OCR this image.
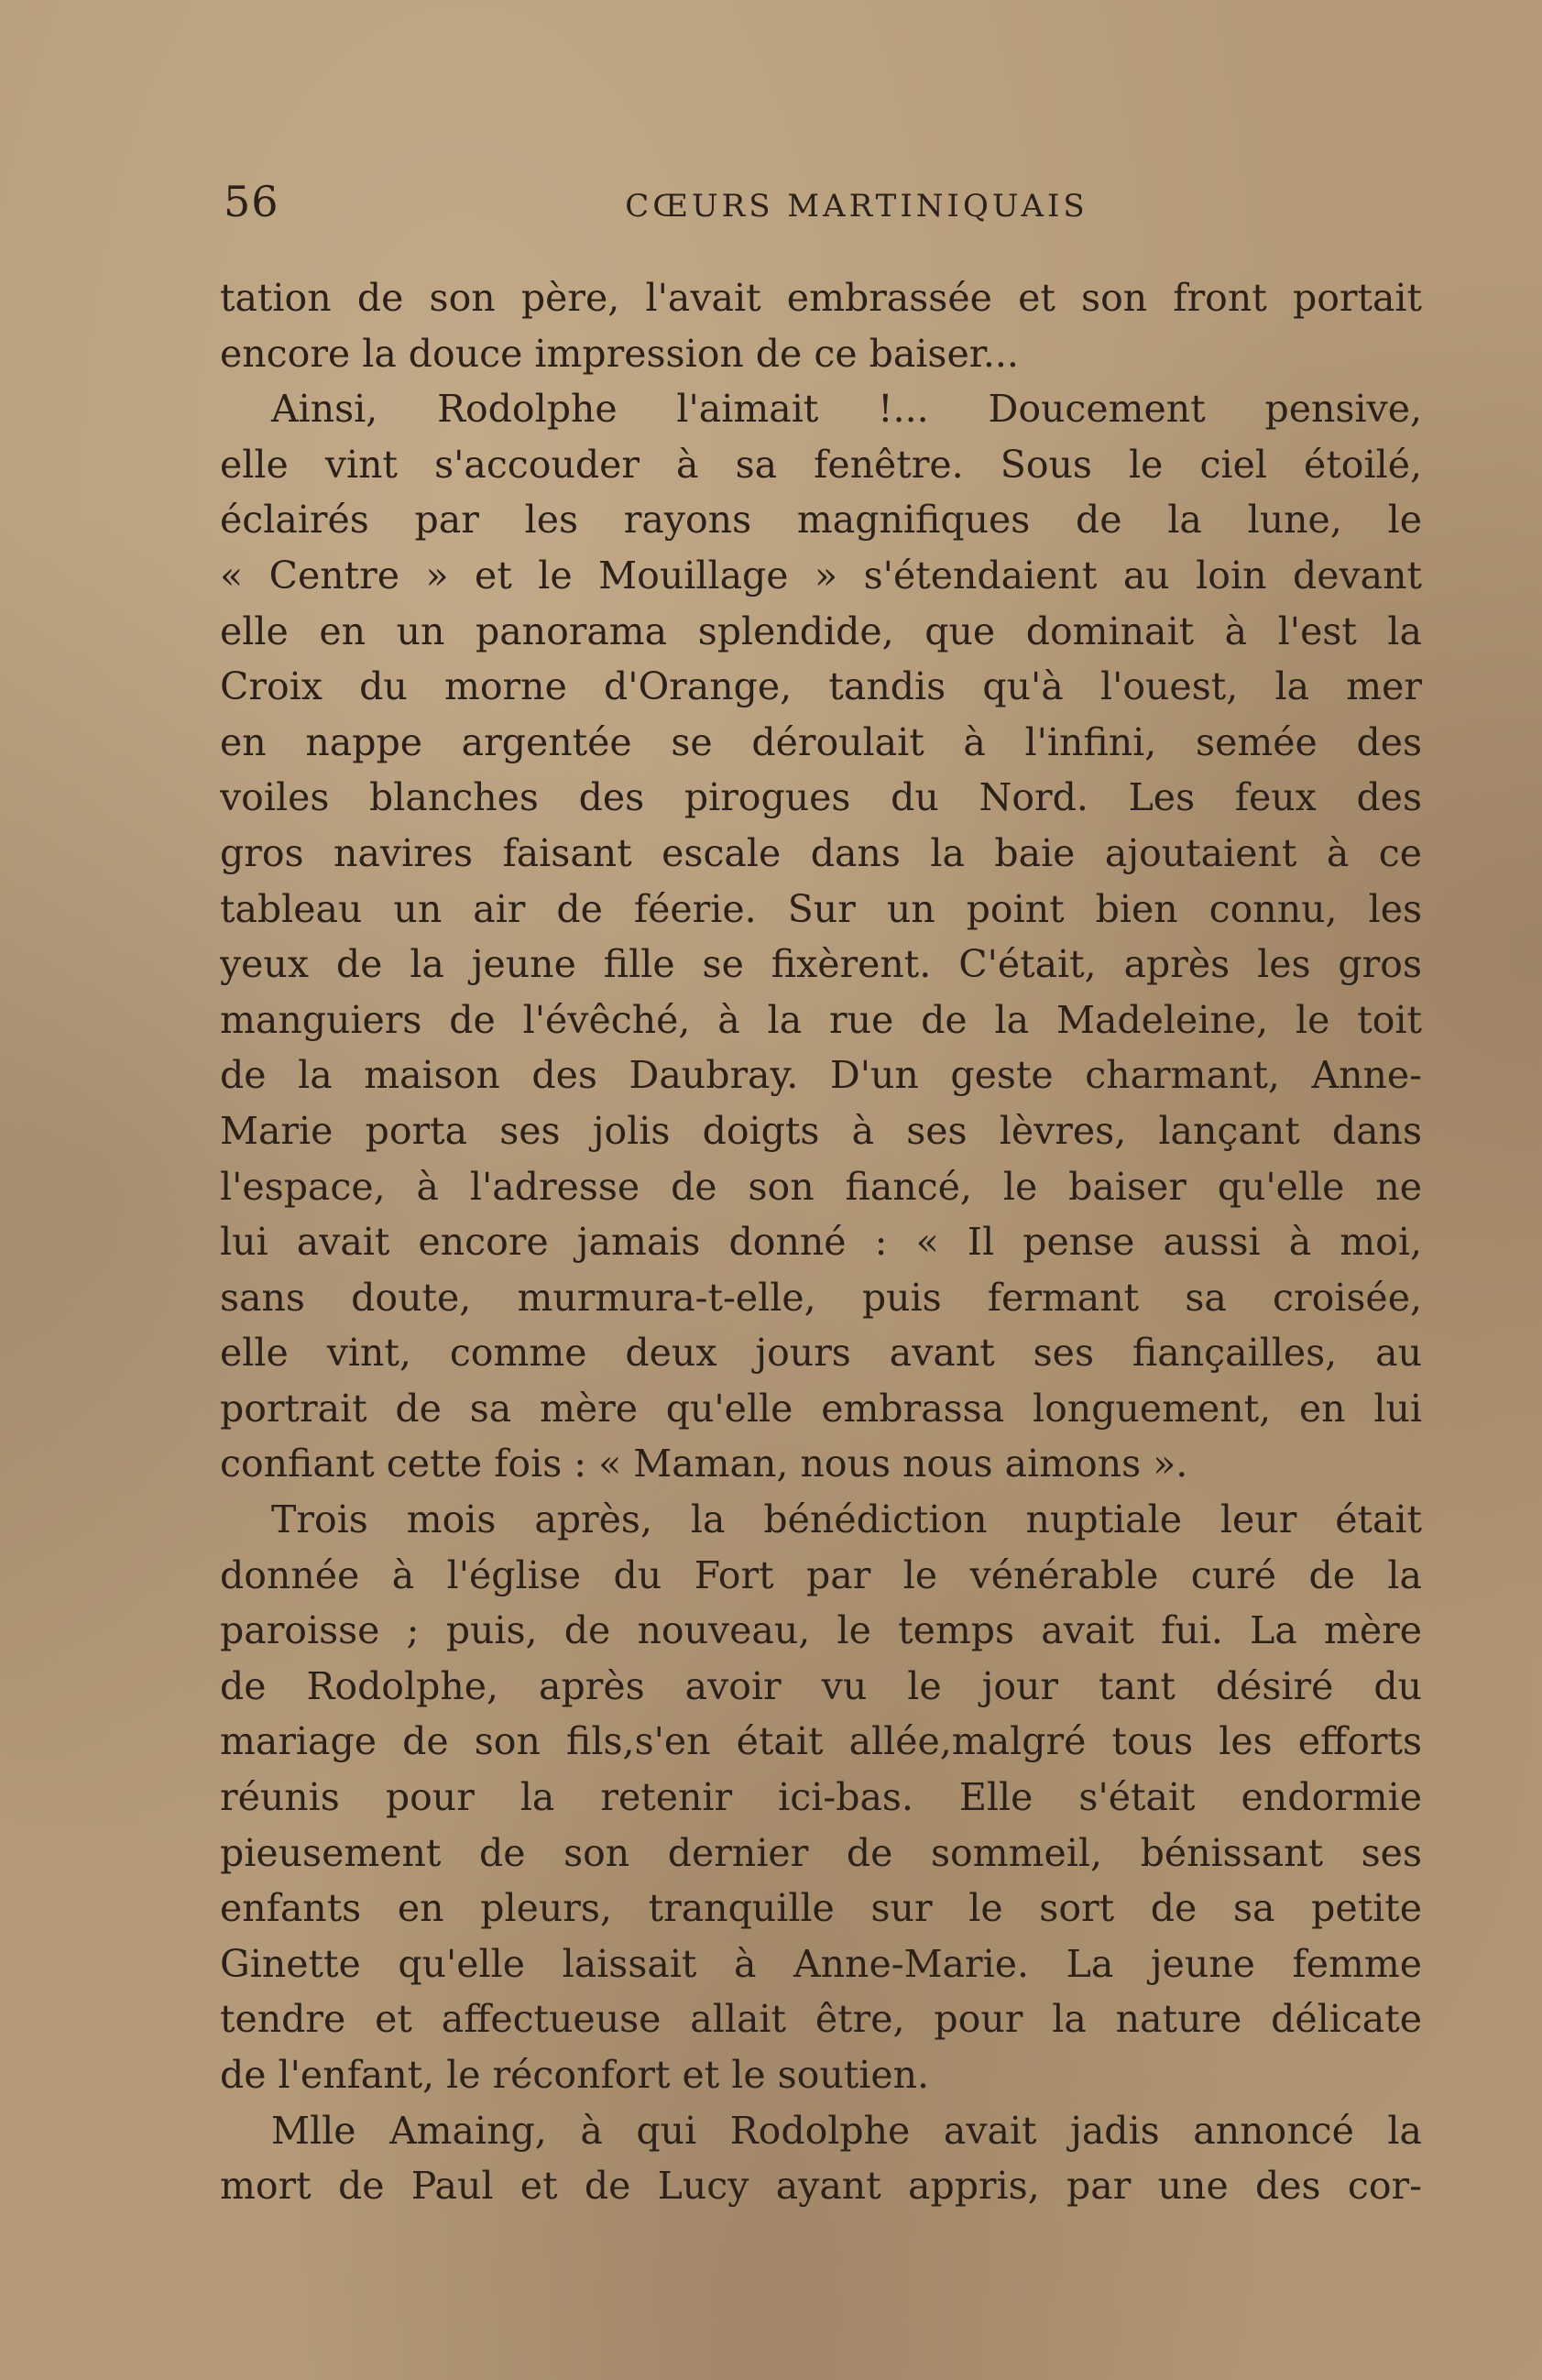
56	CŒURS MARTINIQUAIS
tation de son père, l'avait embrassée et son front portait
encore la douce impression de ce baiser...
Ainsi, Rodolphe l'aimait !... Doucement pensive,
elle vint s'accouder à sa fenêtre. Sous le ciel étoilé,
éclairés par les rayons magnifiques de la lune, le
« Centre » et le Mouillage » s'étendaient au loin devant
elle en un panorama splendide, que dominait à l'est la
Croix du morne d'Orange, tandis qu'à l'ouest, la mer
en nappe argentée se déroulait à l'infini, semée des
voiles blanches des pirogues du Nord. Les feux des
gros navires faisant escale dans la baie ajoutaient à ce
tableau un air de féerie. Sur un point bien connu, les
yeux de la jeune fille se fixèrent. C'était, après les gros
manguiers de l'évêché, à la rue de la Madeleine, le toit
de la maison des Daubray. D'un geste charmant, Anne-
Marie porta ses jolis doigts à ses lèvres, lançant dans
l'espace, à l'adresse de son fiancé, le baiser qu'elle ne
lui avait encore jamais donné : « Il pense aussi à moi,
sans doute, murmura-t-elle, puis fermant sa croisée,
elle vint, comme deux jours avant ses fiançailles, au
portrait de sa mère qu'elle embrassa longuement, en lui
confiant cette fois : « Maman, nous nous aimons ».
Trois mois après, la bénédiction nuptiale leur était
donnée à l'église du Fort par le vénérable curé de la
paroisse ; puis, de nouveau, le temps avait fui. La mère
de Rodolphe, après avoir vu le jour tant désiré du
mariage de son fils,s'en était allée,malgré tous les efforts
réunis pour la retenir ici-bas. Elle s'était endormie
pieusement de son dernier de sommeil, bénissant ses
enfants en pleurs, tranquille sur le sort de sa petite
Ginette qu'elle laissait à Anne-Marie. La jeune femme
tendre et affectueuse allait être, pour la nature délicate
de l'enfant, le réconfort et le soutien.
Mlle Amaing, à qui Rodolphe avait jadis annoncé la
mort de Paul et de Lucy ayant appris, par une des cor-
